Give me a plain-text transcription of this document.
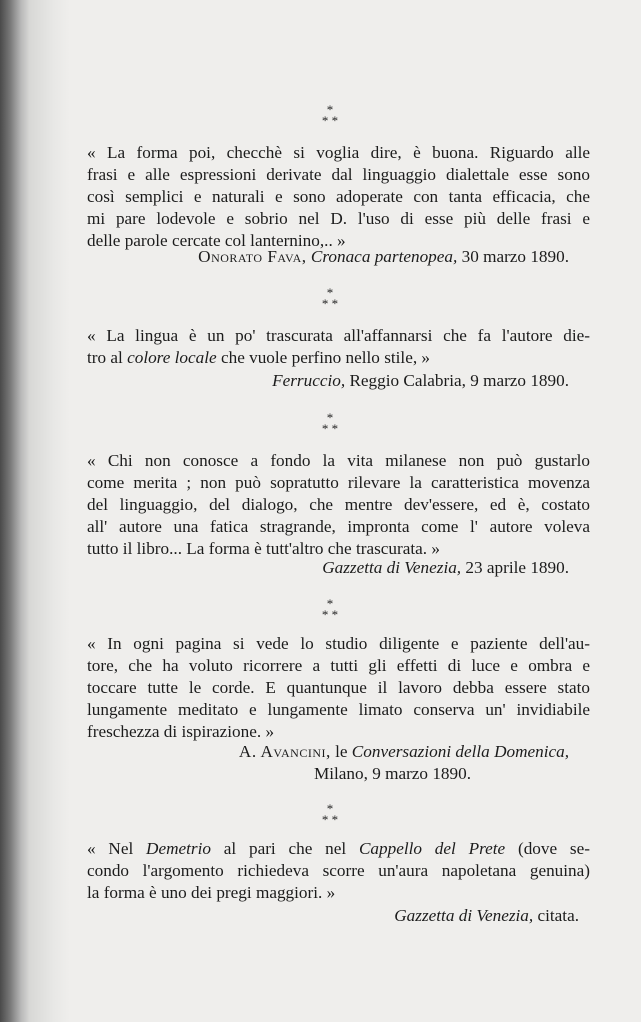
*
* *
« La forma poi, checchè si voglia dire, è buona. Riguardo alle
frasi e alle espressioni derivate dal linguaggio dialettale esse sono
così semplici e naturali e sono adoperate con tanta efficacia, che
mi pare lodevole e sobrio nel D. l'uso di esse più delle frasi e
delle parole cercate col lanternino,.. »
Onorato Fava, Cronaca partenopea, 30 marzo 1890.
*
* *
« La lingua è un po' trascurata all'affannarsi che fa l'autore die-
tro al colore locale che vuole perfino nello stile, »
Ferruccio, Reggio Calabria, 9 marzo 1890.
*
* *
« Chi non conosce a fondo la vita milanese non può gustarlo
come merita ; non può sopratutto rilevare la caratteristica movenza
del linguaggio, del dialogo, che mentre dev'essere, ed è, costato
all' autore una fatica stragrande, impronta come l' autore voleva
tutto il libro... La forma è tutt'altro che trascurata. »
Gazzetta di Venezia, 23 aprile 1890.
*
* *
« In ogni pagina si vede lo studio diligente e paziente dell'au-
tore, che ha voluto ricorrere a tutti gli effetti di luce e ombra e
toccare tutte le corde. E quantunque il lavoro debba essere stato
lungamente meditato e lungamente limato conserva un' invidiabile
freschezza di ispirazione. »
A. Avancini, le Conversazioni della Domenica,
Milano, 9 marzo 1890.
*
* *
« Nel Demetrio al pari che nel Cappello del Prete (dove se-
condo l'argomento richiedeva scorre un'aura napoletana genuina)
la forma è uno dei pregi maggiori. »
Gazzetta di Venezia, citata.
